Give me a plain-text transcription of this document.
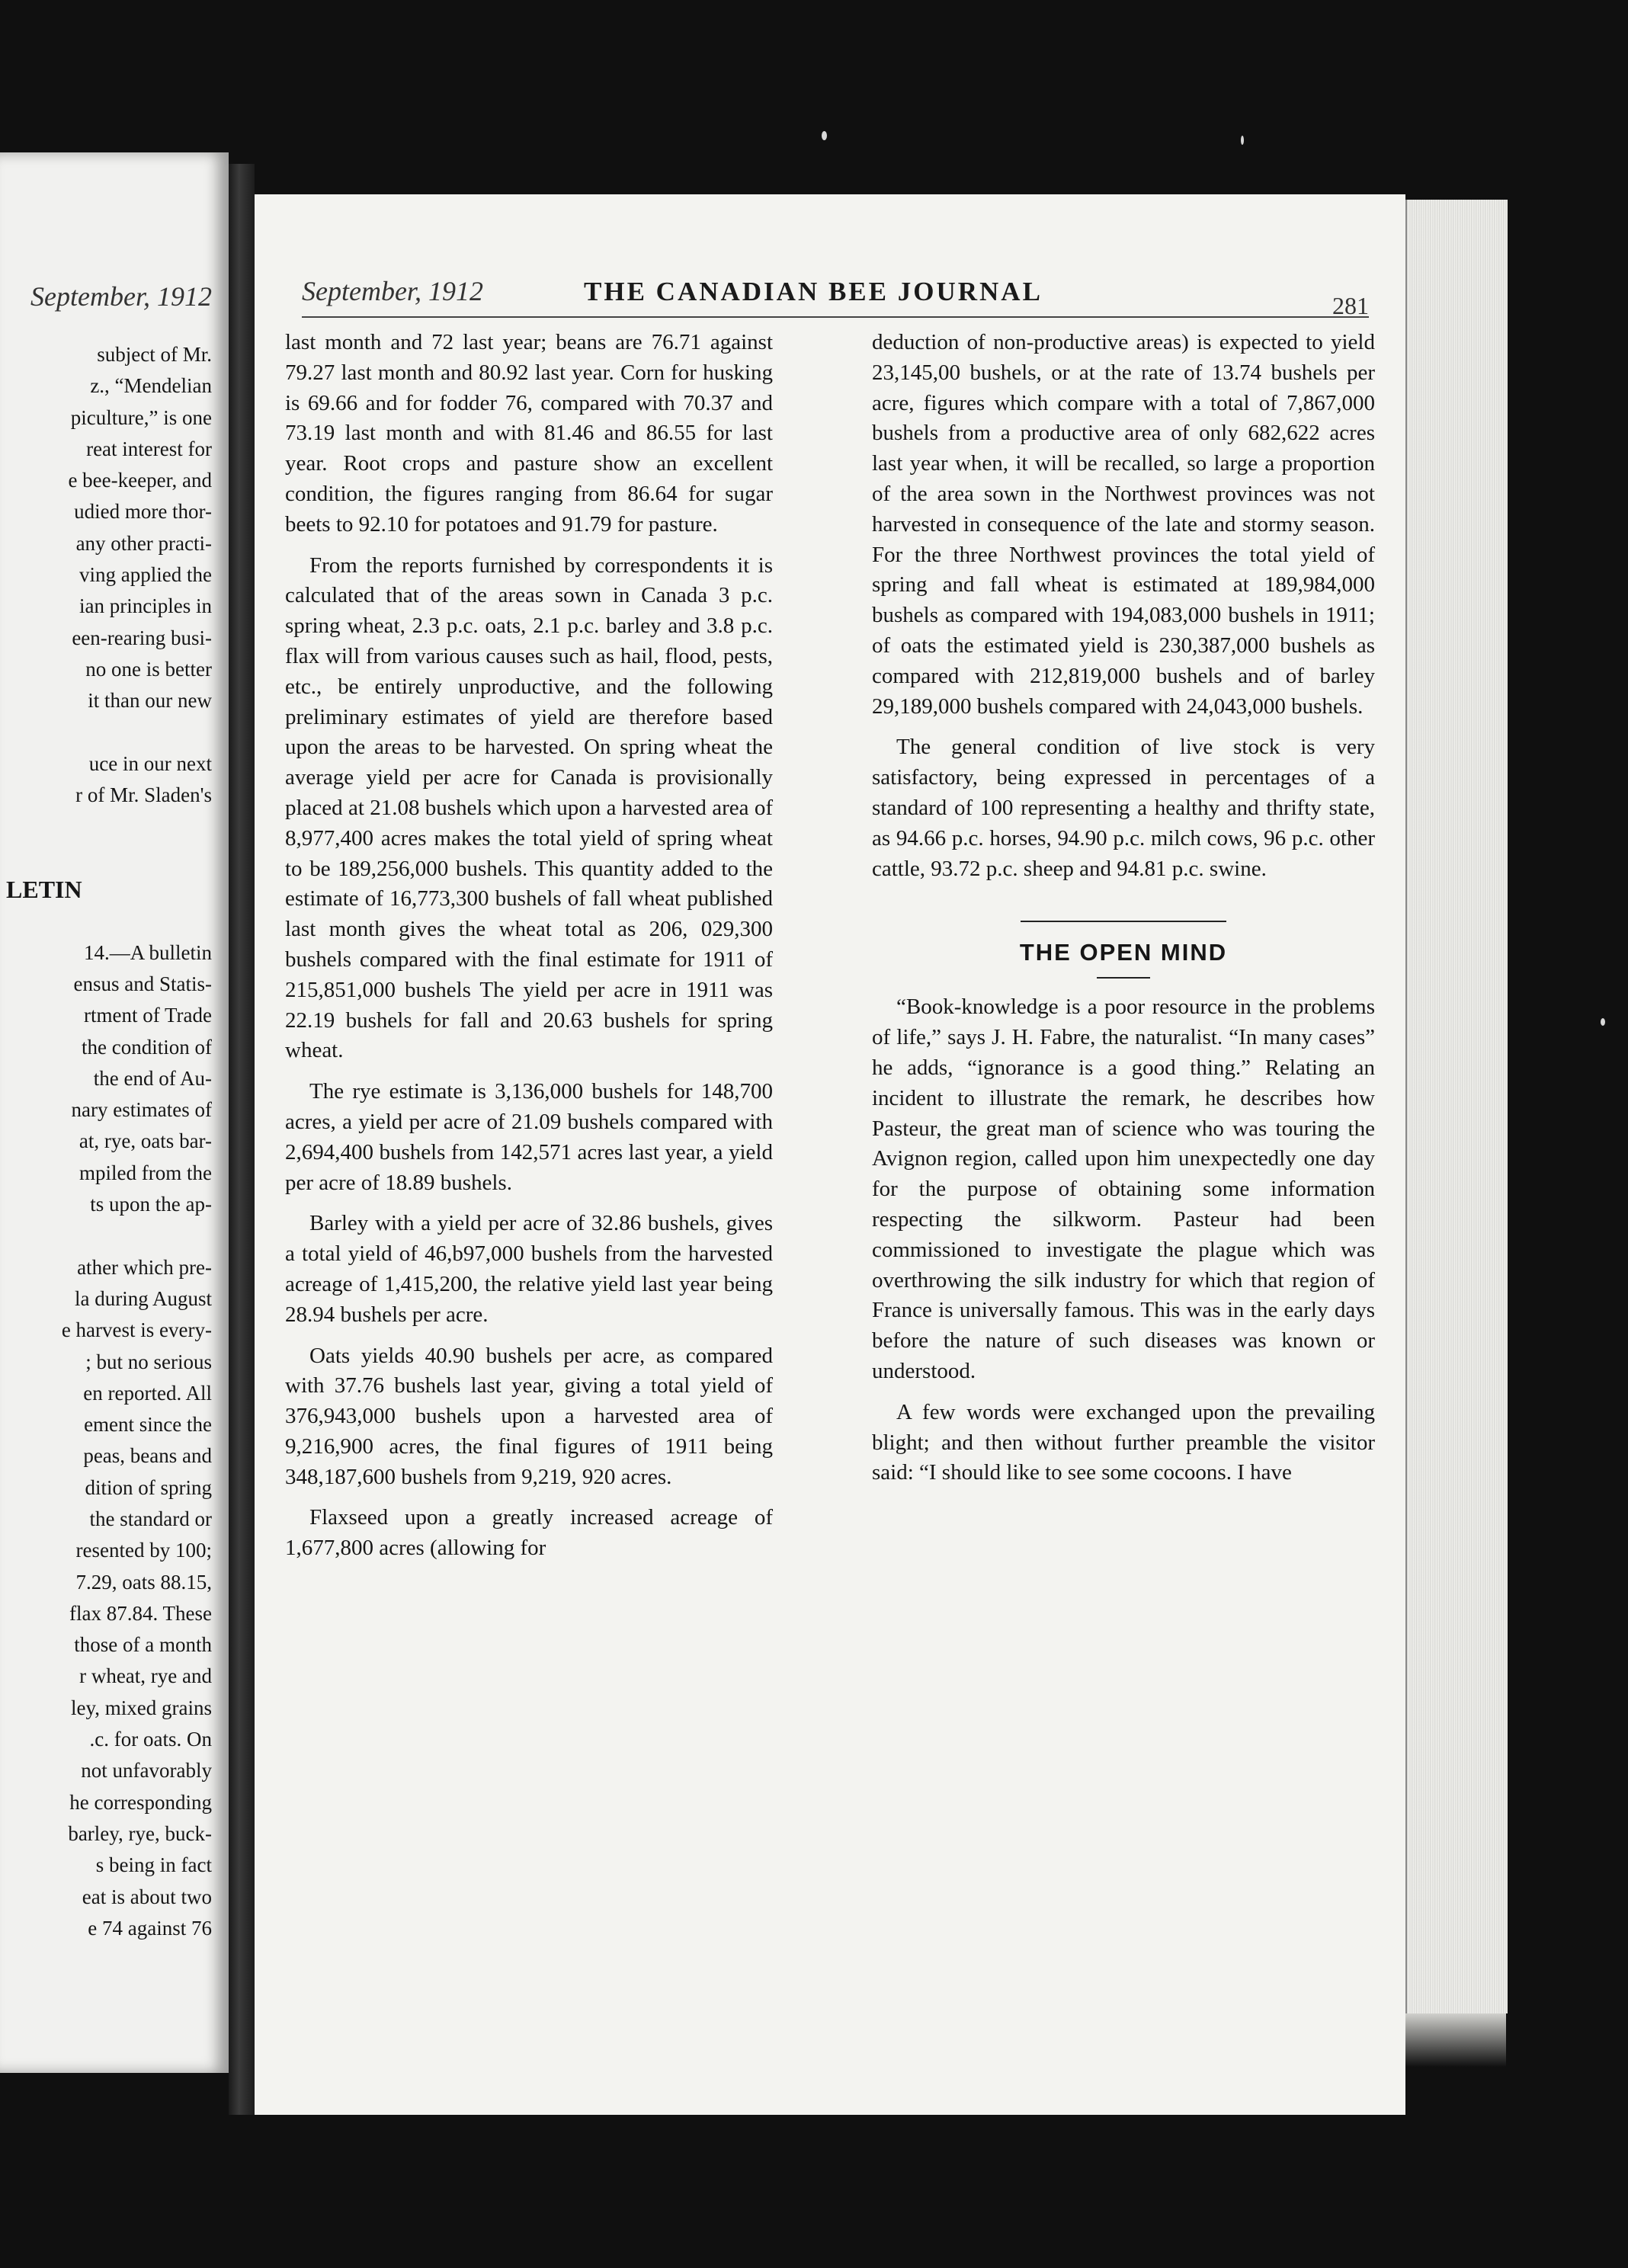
September, 1912
subject of Mr.
z., “Mendelian
piculture,” is one
reat interest for
e bee-keeper, and
udied more thor-
any other practi-
ving applied the
ian principles in
een-rearing busi-
no one is better
it than our new

uce in our next
r of Mr. Sladen's

LETIN

14.—A bulletin
ensus and Statis-
rtment of Trade
the condition of
the end of Au-
nary estimates of
at, rye, oats bar-
mpiled from the
ts upon the ap-

ather which pre-
la during August
e harvest is every-
; but no serious
en reported. All
ement since the
peas, beans and
dition of spring
the standard or
resented by 100;
7.29, oats 88.15,
flax 87.84. These
those of a month
r wheat, rye and
ley, mixed grains
.c. for oats. On
not unfavorably
he corresponding
barley, rye, buck-
s being in fact
eat is about two
e 74 against 76
September, 1912	THE CANADIAN BEE JOURNAL	281

last month and 72 last year; beans are 76.71 against 79.27 last month and 80.92 last year. Corn for husking is 69.66 and for fodder 76, compared with 70.37 and 73.19 last month and with 81.46 and 86.55 for last year. Root crops and pasture show an excellent condition, the figures ranging from 86.64 for sugar beets to 92.10 for potatoes and 91.79 for pasture.

From the reports furnished by correspondents it is calculated that of the areas sown in Canada 3 p.c. spring wheat, 2.3 p.c. oats, 2.1 p.c. barley and 3.8 p.c. flax will from various causes such as hail, flood, pests, etc., be entirely unproductive, and the following preliminary estimates of yield are therefore based upon the areas to be harvested. On spring wheat the average yield per acre for Canada is provisionally placed at 21.08 bushels which upon a harvested area of 8,977,400 acres makes the total yield of spring wheat to be 189,256,000 bushels. This quantity added to the estimate of 16,773,300 bushels of fall wheat published last month gives the wheat total as 206, 029,300 bushels compared with the final estimate for 1911 of 215,851,000 bushels The yield per acre in 1911 was 22.19 bushels for fall and 20.63 bushels for spring wheat.

The rye estimate is 3,136,000 bushels for 148,700 acres, a yield per acre of 21.09 bushels compared with 2,694,400 bushels from 142,571 acres last year, a yield per acre of 18.89 bushels.

Barley with a yield per acre of 32.86 bushels, gives a total yield of 46,b97,000 bushels from the harvested acreage of 1,415,200, the relative yield last year being 28.94 bushels per acre.

Oats yields 40.90 bushels per acre, as compared with 37.76 bushels last year, giving a total yield of 376,943,000 bushels upon a harvested area of 9,216,900 acres, the final figures of 1911 being 348,187,600 bushels from 9,219, 920 acres.

Flaxseed upon a greatly increased acreage of 1,677,800 acres (allowing for

deduction of non-productive areas) is expected to yield 23,145,00 bushels, or at the rate of 13.74 bushels per acre, figures which compare with a total of 7,867,000 bushels from a productive area of only 682,622 acres last year when, it will be recalled, so large a proportion of the area sown in the Northwest provinces was not harvested in consequence of the late and stormy season. For the three Northwest provinces the total yield of spring and fall wheat is estimated at 189,984,000 bushels as compared with 194,083,000 bushels in 1911; of oats the estimated yield is 230,387,000 bushels as compared with 212,819,000 bushels and of barley 29,189,000 bushels compared with 24,043,000 bushels.

The general condition of live stock is very satisfactory, being expressed in percentages of a standard of 100 representing a healthy and thrifty state, as 94.66 p.c. horses, 94.90 p.c. milch cows, 96 p.c. other cattle, 93.72 p.c. sheep and 94.81 p.c. swine.

THE OPEN MIND

“Book-knowledge is a poor resource in the problems of life,” says J. H. Fabre, the naturalist. “In many cases” he adds, “ignorance is a good thing.” Relating an incident to illustrate the remark, he describes how Pasteur, the great man of science who was touring the Avignon region, called upon him unexpectedly one day for the purpose of obtaining some information respecting the silkworm. Pasteur had been commissioned to investigate the plague which was overthrowing the silk industry for which that region of France is universally famous. This was in the early days before the nature of such diseases was known or understood.

A few words were exchanged upon the prevailing blight; and then without further preamble the visitor said: “I should like to see some cocoons. I have
